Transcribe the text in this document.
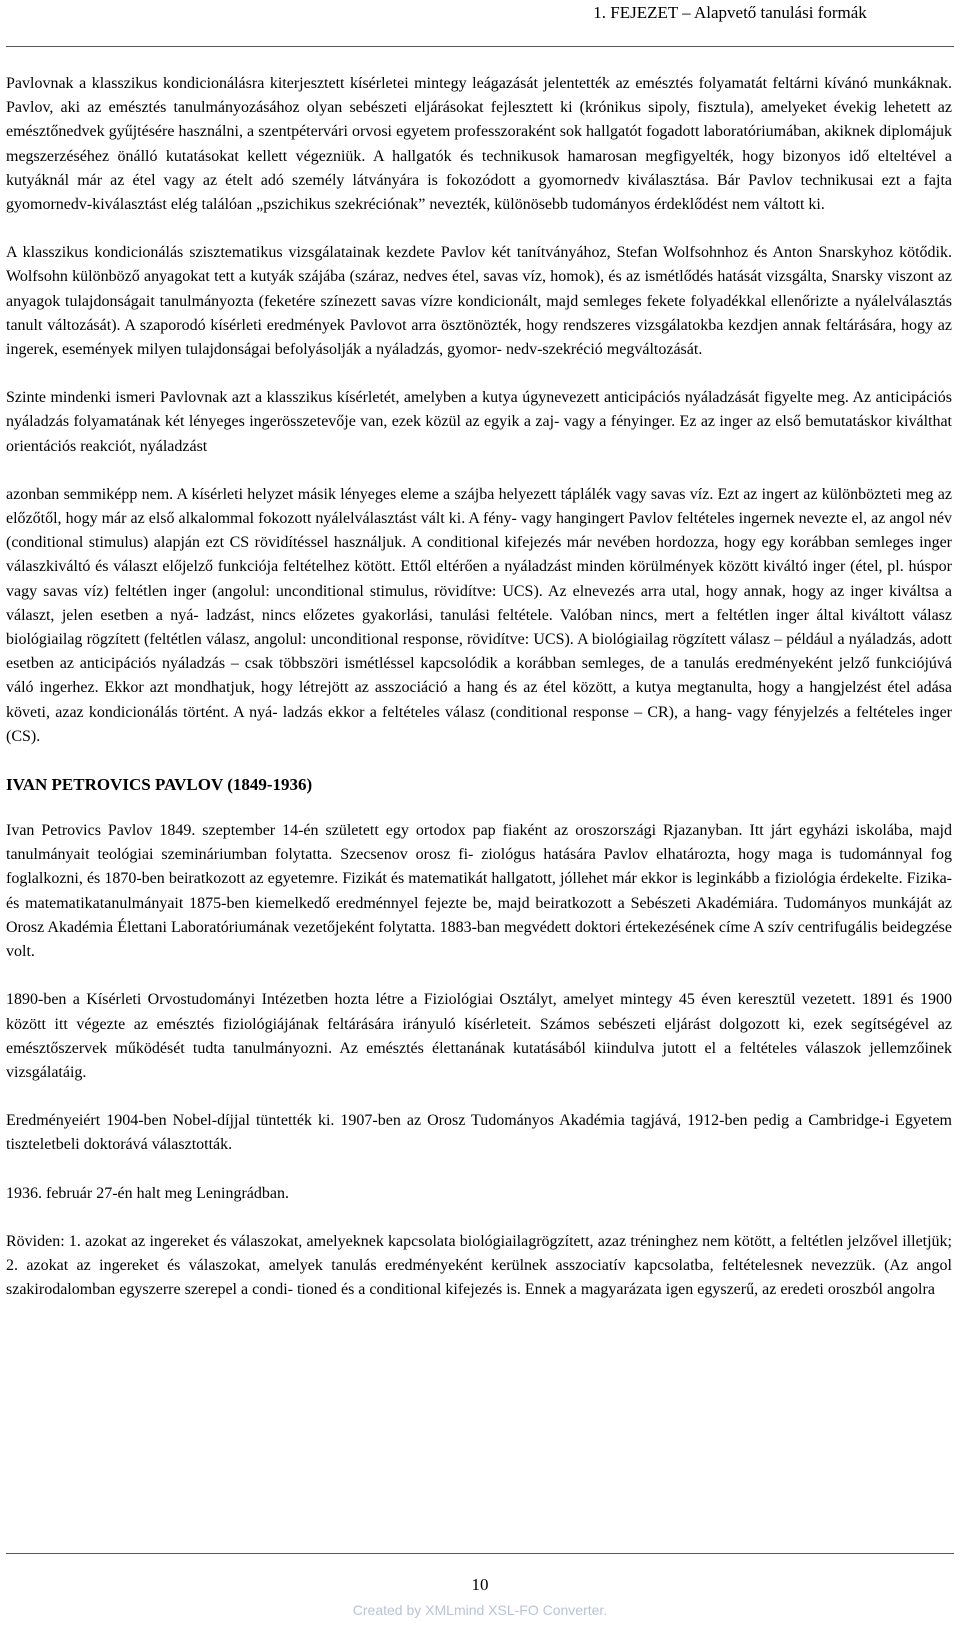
1. FEJEZET – Alapvető tanulási formák

Pavlovnak a klasszikus kondicionálásra kiterjesztett kísérletei mintegy leágazását jelentették az emésztés folyamatát feltárni kívánó munkáknak. Pavlov, aki az emésztés tanulmányozásához olyan sebészeti eljárásokat fejlesztett ki (krónikus sipoly, fisztula), amelyeket évekig lehetett az emésztőnedvek gyűjtésére használni, a szentpétervári orvosi egyetem professzoraként sok hallgatót fogadott laboratóriumában, akiknek diplomájuk megszerzéséhez önálló kutatásokat kellett végezniük. A hallgatók és technikusok hamarosan megfigyelték, hogy bizonyos idő elteltével a kutyáknál már az étel vagy az ételt adó személy látványára is fokozódott a gyomornedv kiválasztása. Bár Pavlov technikusai ezt a fajta gyomornedv-kiválasztást elég találóan „pszichikus szekréciónak” nevezték, különösebb tudományos érdeklődést nem váltott ki.

A klasszikus kondicionálás szisztematikus vizsgálatainak kezdete Pavlov két tanítványához, Stefan Wolfsohnhoz és Anton Snarskyhoz kötődik. Wolfsohn különböző anyagokat tett a kutyák szájába (száraz, nedves étel, savas víz, homok), és az ismétlődés hatását vizsgálta, Snarsky viszont az anyagok tulajdonságait tanulmányozta (feketére színezett savas vízre kondicionált, majd semleges fekete folyadékkal ellenőrizte a nyálelválasztás tanult változását). A szaporodó kísérleti eredmények Pavlovot arra ösztönözték, hogy rendszeres vizsgálatokba kezdjen annak feltárására, hogy az ingerek, események milyen tulajdonságai befolyásolják a nyáladzás, gyomor- nedv-szekréció megváltozását.

Szinte mindenki ismeri Pavlovnak azt a klasszikus kísérletét, amelyben a kutya úgynevezett anticipációs nyáladzását figyelte meg. Az anticipációs nyáladzás folyamatának két lényeges ingerösszetevője van, ezek közül az egyik a zaj- vagy a fényinger. Ez az inger az első bemutatáskor kiválthat orientációs reakciót, nyáladzást

azonban semmiképp nem. A kísérleti helyzet másik lényeges eleme a szájba helyezett táplálék vagy savas víz. Ezt az ingert az különbözteti meg az előzőtől, hogy már az első alkalommal fokozott nyálelválasztást vált ki. A fény- vagy hangingert Pavlov feltételes ingernek nevezte el, az angol név (conditional stimulus) alapján ezt CS rövidítéssel használjuk. A conditional kifejezés már nevében hordozza, hogy egy korábban semleges inger válaszkiváltó és választ előjelző funkciója feltételhez kötött. Ettől eltérően a nyáladzást minden körülmények között kiváltó inger (étel, pl. húspor vagy savas víz) feltétlen inger (angolul: unconditional stimulus, rövidítve: UCS). Az elnevezés arra utal, hogy annak, hogy az inger kiváltsa a választ, jelen esetben a nyá- ladzást, nincs előzetes gyakorlási, tanulási feltétele. Valóban nincs, mert a feltétlen inger által kiváltott válasz biológiailag rögzített (feltétlen válasz, angolul: unconditional response, rövidítve: UCS). A biológiailag rögzített válasz – például a nyáladzás, adott esetben az anticipációs nyáladzás – csak többszöri ismétléssel kapcsolódik a korábban semleges, de a tanulás eredményeként jelző funkciójúvá váló ingerhez. Ekkor azt mondhatjuk, hogy létrejött az asszociáció a hang és az étel között, a kutya megtanulta, hogy a hangjelzést étel adása követi, azaz kondicionálás történt. A nyá- ladzás ekkor a feltételes válasz (conditional response – CR), a hang- vagy fényjelzés a feltételes inger (CS).

IVAN PETROVICS PAVLOV (1849-1936)

Ivan Petrovics Pavlov 1849. szeptember 14-én született egy ortodox pap fiaként az oroszországi Rjazanyban. Itt járt egyházi iskolába, majd tanulmányait teológiai szemináriumban folytatta. Szecsenov orosz fi- ziológus hatására Pavlov elhatározta, hogy maga is tudománnyal fog foglalkozni, és 1870-ben beiratkozott az egyetemre. Fizikát és matematikát hallgatott, jóllehet már ekkor is leginkább a fiziológia érdekelte. Fizika- és matematikatanulmányait 1875-ben kiemelkedő eredménnyel fejezte be, majd beiratkozott a Sebészeti Akadémiára. Tudományos munkáját az Orosz Akadémia Élettani Laboratóriumának vezetőjeként folytatta. 1883-ban megvédett doktori értekezésének címe A szív centrifugális beidegzése volt.

1890-ben a Kísérleti Orvostudományi Intézetben hozta létre a Fiziológiai Osztályt, amelyet mintegy 45 éven keresztül vezetett. 1891 és 1900 között itt végezte az emésztés fiziológiájának feltárására irányuló kísérleteit. Számos sebészeti eljárást dolgozott ki, ezek segítségével az emésztőszervek működését tudta tanulmányozni. Az emésztés élettanának kutatásából kiindulva jutott el a feltételes válaszok jellemzőinek vizsgálatáig.

Eredményeiért 1904-ben Nobel-díjjal tüntették ki. 1907-ben az Orosz Tudományos Akadémia tagjává, 1912-ben pedig a Cambridge-i Egyetem tiszteletbeli doktorává választották.

1936. február 27-én halt meg Leningrádban.

Röviden: 1. azokat az ingereket és válaszokat, amelyeknek kapcsolata biológiailagrögzített, azaz tréninghez nem kötött, a feltétlen jelzővel illetjük; 2. azokat az ingereket és válaszokat, amelyek tanulás eredményeként kerülnek asszociatív kapcsolatba, feltételesnek nevezzük. (Az angol szakirodalomban egyszerre szerepel a condi- tioned és a conditional kifejezés is. Ennek a magyarázata igen egyszerű, az eredeti oroszból angolra

10
Created by XMLmind XSL-FO Converter.
